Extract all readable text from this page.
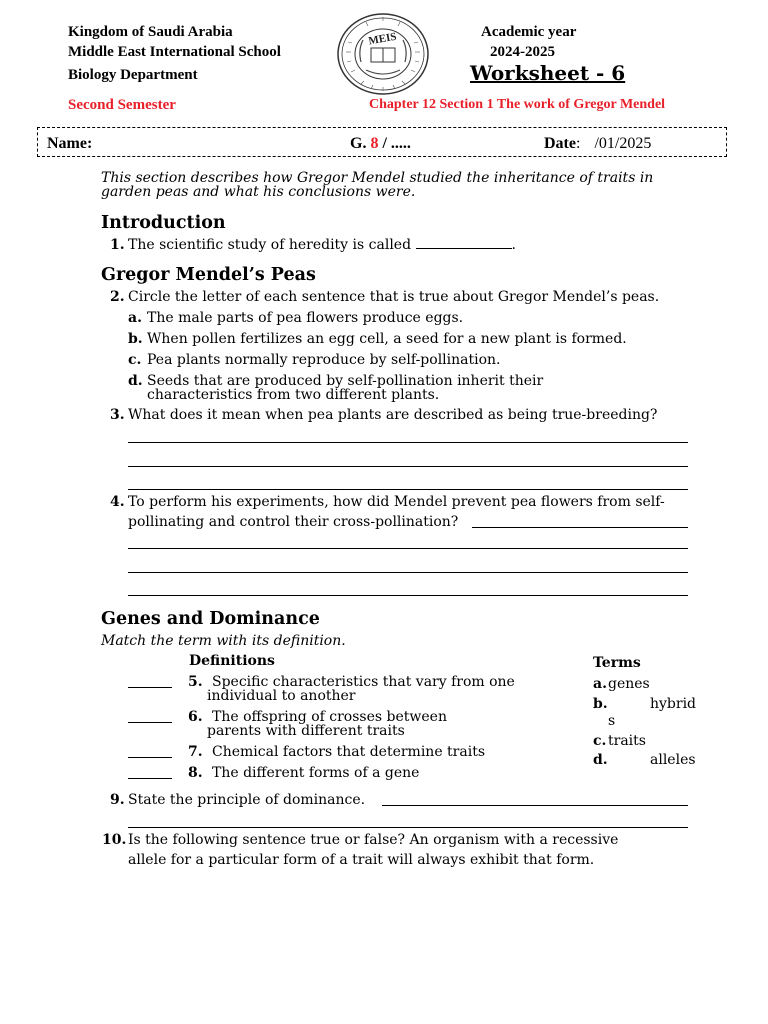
Kingdom of Saudi Arabia
Middle East International School
Biology Department
Second Semester
MEIS	Academic year
2024-2025
Worksheet - 6
Chapter 12 Section 1 The work of Gregor Mendel
Name:	G. 8 / .....	Date: /01/2025
This section describes how Gregor Mendel studied the inheritance of traits in
garden peas and what his conclusions were.
Introduction
1. The scientific study of heredity is called	.
Gregor Mendel’s Peas
2. Circle the letter of each sentence that is true about Gregor Mendel’s peas.
a. The male parts of pea flowers produce eggs.
b. When pollen fertilizes an egg cell, a seed for a new plant is formed.
c. Pea plants normally reproduce by self-pollination.
d. Seeds that are produced by self-pollination inherit their
characteristics from two different plants.
3. What does it mean when pea plants are described as being true-breeding?
4. To perform his experiments, how did Mendel prevent pea flowers from self-
pollinating and control their cross-pollination?
Genes and Dominance
Match the term with its definition.
Definitions	Terms
5. Specific characteristics that vary from one
individual to another
6. The offspring of crosses between
parents with different traits
7. Chemical factors that determine traits
8. The different forms of a gene
a. genes
b.	hybrid
s
c. traits
d.	alleles
9. State the principle of dominance.
10. Is the following sentence true or false? An organism with a recessive
allele for a particular form of a trait will always exhibit that form.
